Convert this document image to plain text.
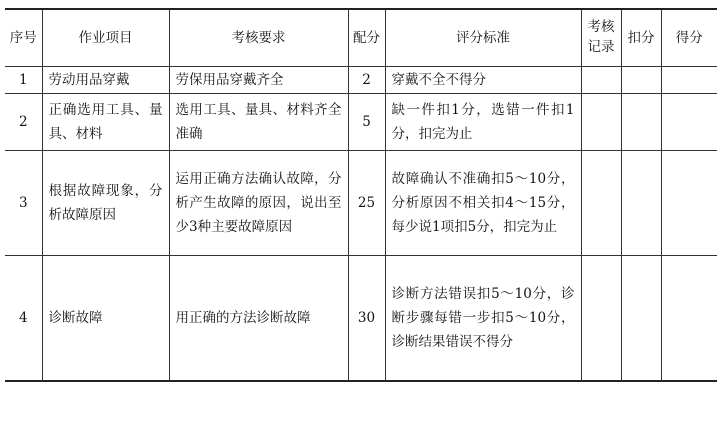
序号	作业项目	考核要求	配分	评分标准	考核记录	扣分	得分
1	劳动用品穿戴	劳保用品穿戴齐全	2	穿戴不全不得分			
2	正确选用工具、量具、材料	选用工具、量具、材料齐全准确	5	缺一件扣1分，选错一件扣1分，扣完为止			
3	根据故障现象，分析故障原因	运用正确方法确认故障，分析产生故障的原因，说出至少3种主要故障原因	25	故障确认不准确扣5～10分，分析原因不相关扣4～15分，每少说1项扣5分，扣完为止			
4	诊断故障	用正确的方法诊断故障	30	诊断方法错误扣5～10分，诊断步骤每错一步扣5～10分，诊断结果错误不得分			
